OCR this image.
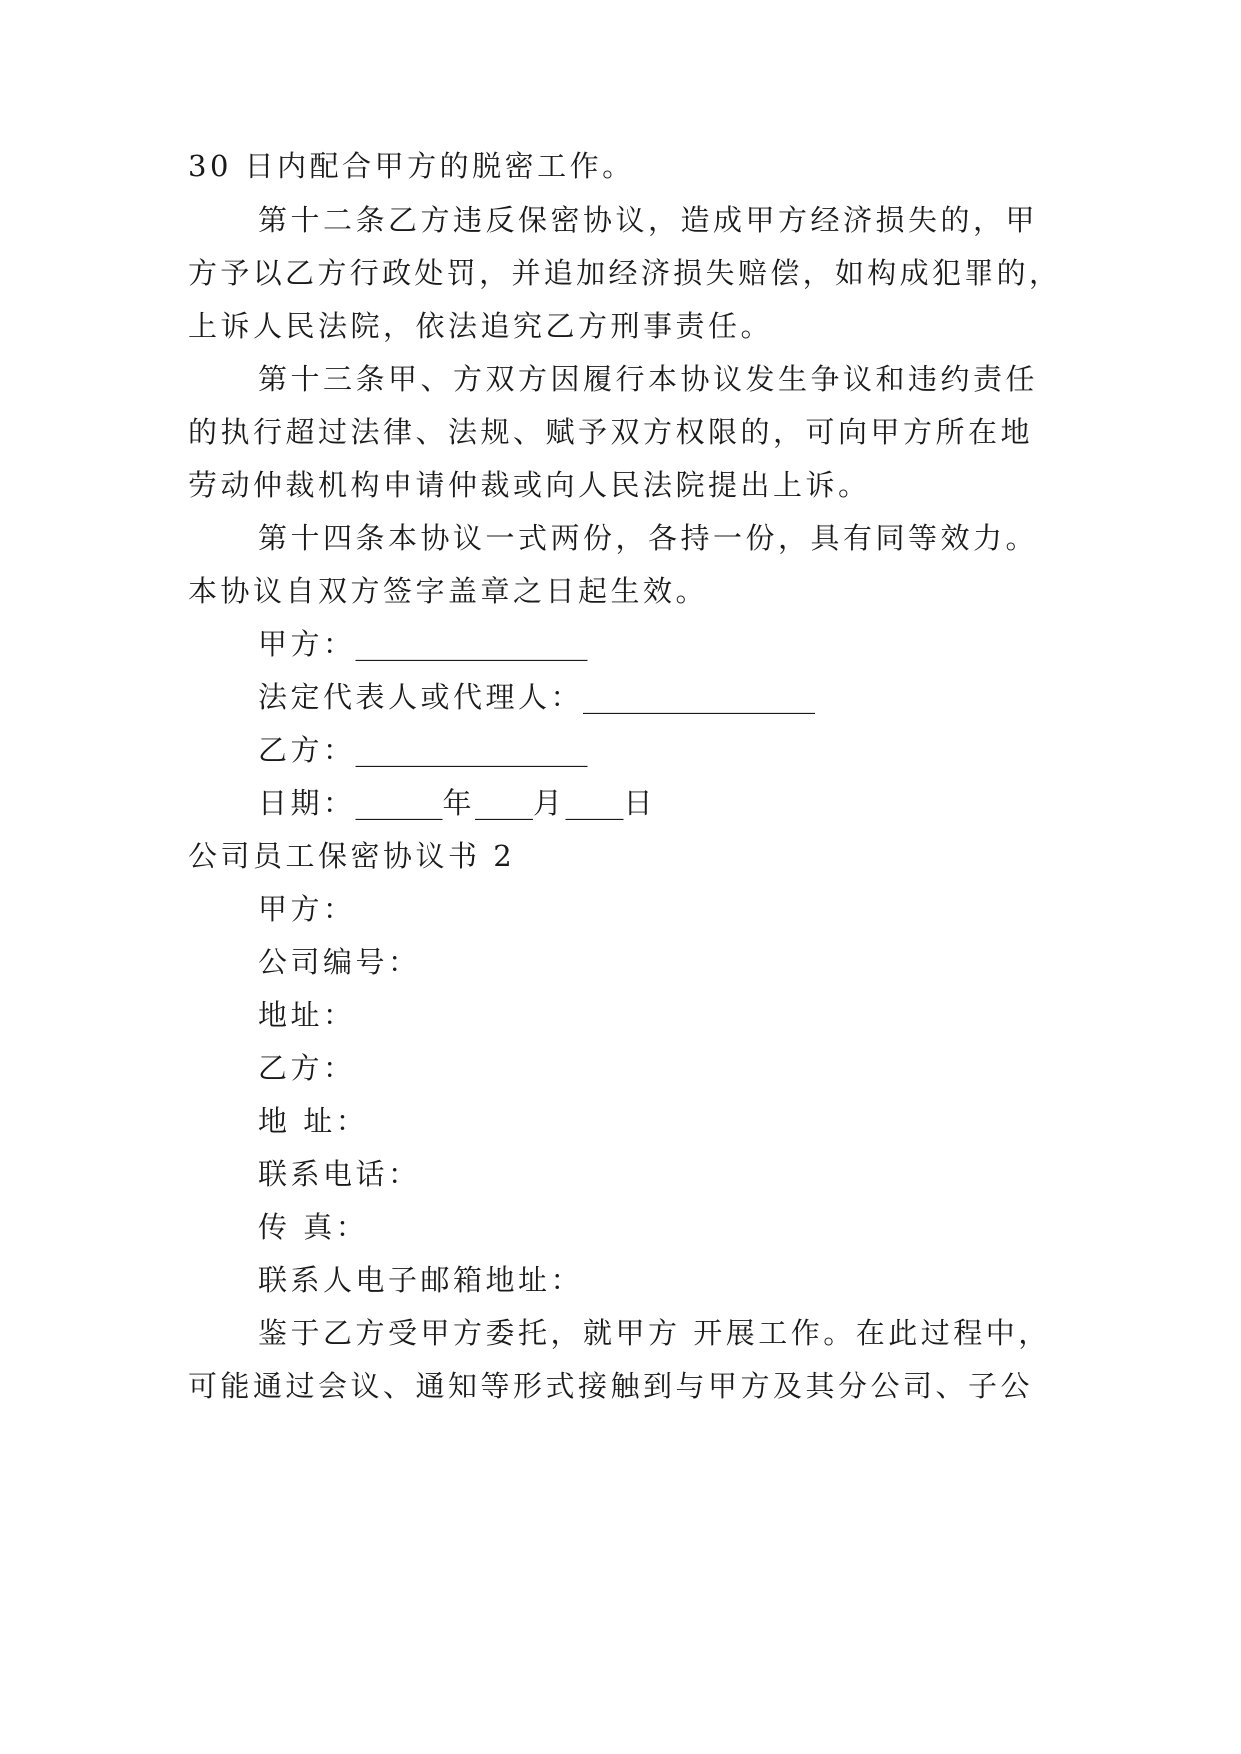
30 日内配合甲方的脱密工作。
第十二条乙方违反保密协议，造成甲方经济损失的，甲
方予以乙方行政处罚，并追加经济损失赔偿，如构成犯罪的，
上诉人民法院，依法追究乙方刑事责任。
第十三条甲、方双方因履行本协议发生争议和违约责任
的执行超过法律、法规、赋予双方权限的，可向甲方所在地
劳动仲裁机构申请仲裁或向人民法院提出上诉。
第十四条本协议一式两份，各持一份，具有同等效力。
本协议自双方签字盖章之日起生效。
甲方：________________
法定代表人或代理人：________________
乙方：________________
日期：______年____月____日
公司员工保密协议书 2
甲方：
公司编号：
地址：
乙方：
地 址：
联系电话：
传 真：
联系人电子邮箱地址：
鉴于乙方受甲方委托，就甲方 开展工作。在此过程中，
可能通过会议、通知等形式接触到与甲方及其分公司、子公
